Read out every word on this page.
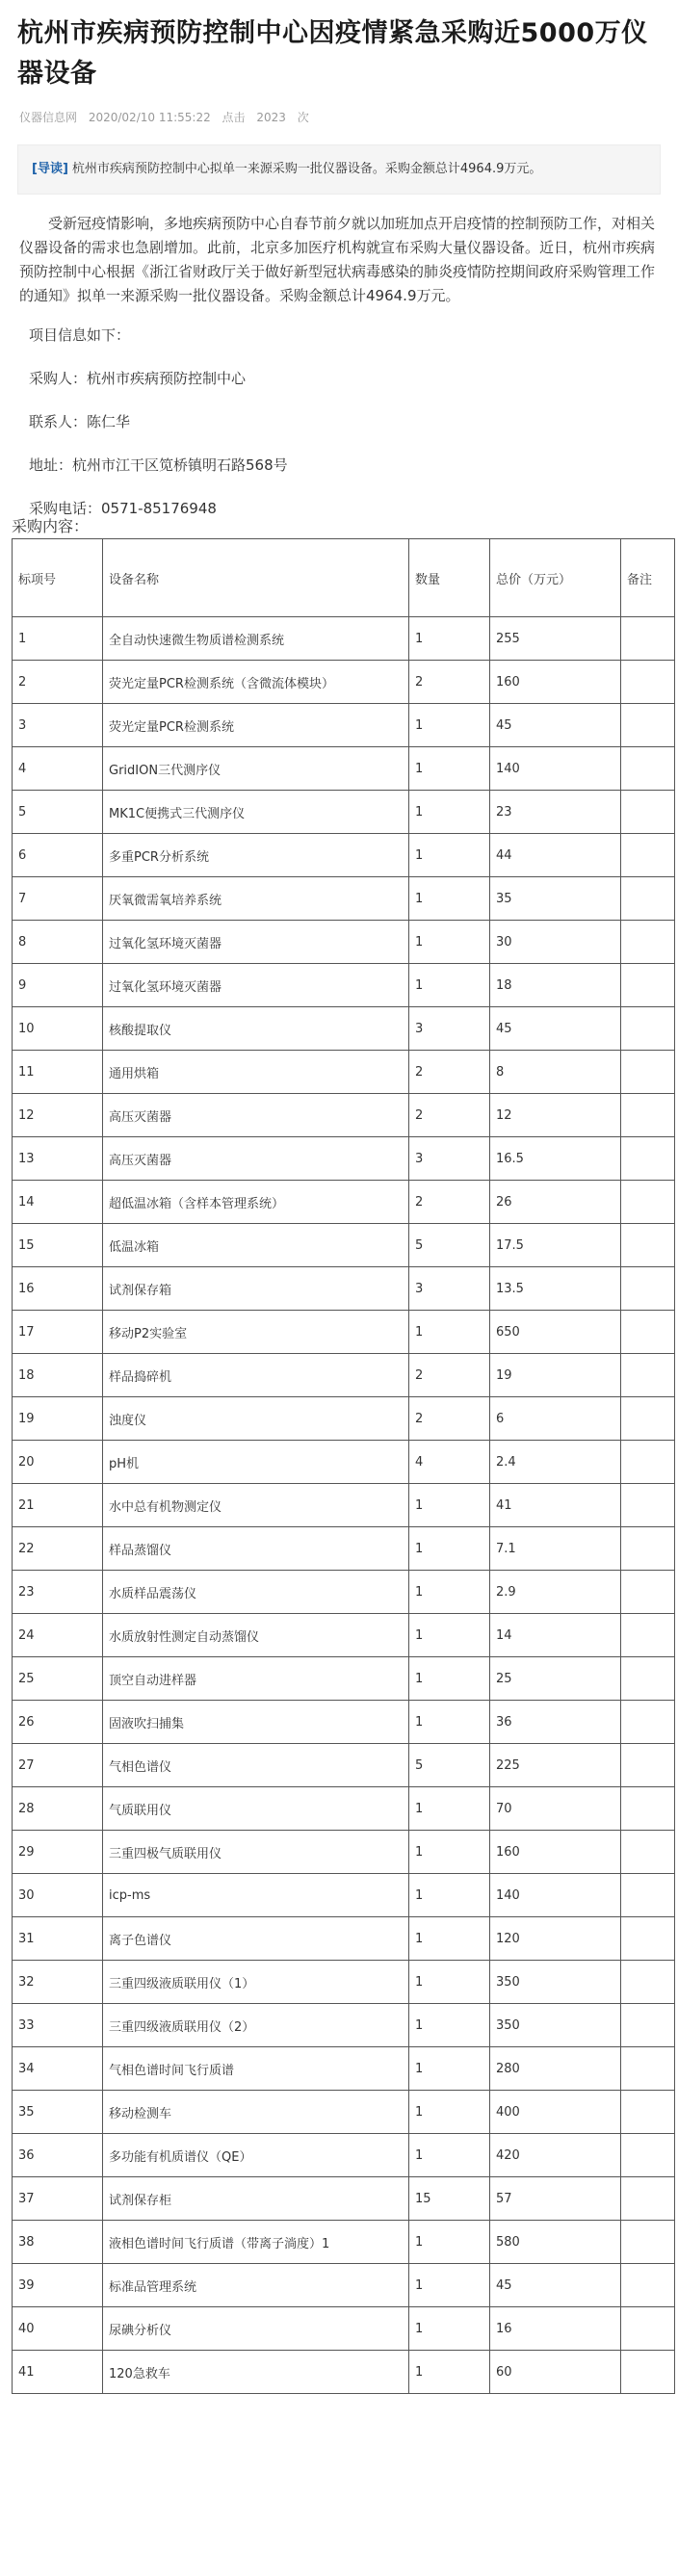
杭州市疾病预防控制中心因疫情紧急采购近5000万仪器设备
仪器信息网 2020/02/10 11:55:22 点击 2023 次
[导读] 杭州市疾病预防控制中心拟单一来源采购一批仪器设备。采购金额总计4964.9万元。

受新冠疫情影响，多地疾病预防中心自春节前夕就以加班加点开启疫情的控制预防工作，对相关仪器设备的需求也急剧增加。此前，北京多加医疗机构就宣布采购大量仪器设备。近日，杭州市疾病预防控制中心根据《浙江省财政厅关于做好新型冠状病毒感染的肺炎疫情防控期间政府采购管理工作的通知》拟单一来源采购一批仪器设备。采购金额总计4964.9万元。

项目信息如下：

采购人：杭州市疾病预防控制中心

联系人：陈仁华

地址：杭州市江干区笕桥镇明石路568号

采购电话：0571-85176948

采购内容：
标项号	设备名称	数量	总价（万元）	备注
1	全自动快速微生物质谱检测系统	1	255	
2	荧光定量PCR检测系统（含微流体模块）	2	160	
3	荧光定量PCR检测系统	1	45	
4	GridION三代测序仪	1	140	
5	MK1C便携式三代测序仪	1	23	
6	多重PCR分析系统	1	44	
7	厌氧微需氧培养系统	1	35	
8	过氧化氢环境灭菌器	1	30	
9	过氧化氢环境灭菌器	1	18	
10	核酸提取仪	3	45	
11	通用烘箱	2	8	
12	高压灭菌器	2	12	
13	高压灭菌器	3	16.5	
14	超低温冰箱（含样本管理系统）	2	26	
15	低温冰箱	5	17.5	
16	试剂保存箱	3	13.5	
17	移动P2实验室	1	650	
18	样品捣碎机	2	19	
19	浊度仪	2	6	
20	pH机	4	2.4	
21	水中总有机物测定仪	1	41	
22	样品蒸馏仪	1	7.1	
23	水质样品震荡仪	1	2.9	
24	水质放射性测定自动蒸馏仪	1	14	
25	顶空自动进样器	1	25	
26	固液吹扫捕集	1	36	
27	气相色谱仪	5	225	
28	气质联用仪	1	70	
29	三重四极气质联用仪	1	160	
30	icp-ms	1	140	
31	离子色谱仪	1	120	
32	三重四级液质联用仪（1）	1	350	
33	三重四级液质联用仪（2）	1	350	
34	气相色谱时间飞行质谱	1	280	
35	移动检测车	1	400	
36	多功能有机质谱仪（QE）	1	420	
37	试剂保存柜	15	57	
38	液相色谱时间飞行质谱（带离子淌度）1	1	580	
39	标准品管理系统	1	45	
40	尿碘分析仪	1	16	
41	120急救车	1	60	
